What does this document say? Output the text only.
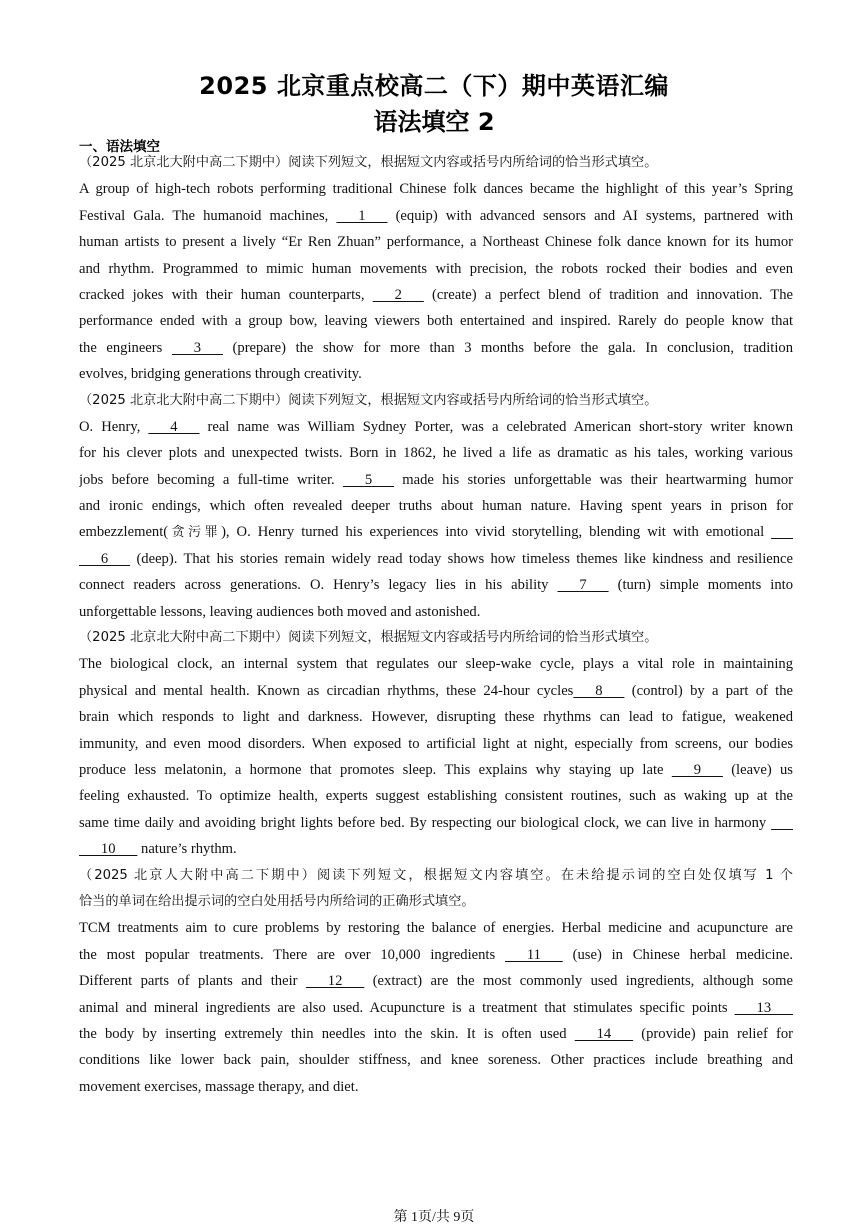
2025 北京重点校高二（下）期中英语汇编
语法填空 2
一、语法填空
（2025 北京北大附中高二下期中）阅读下列短文，根据短文内容或括号内所给词的恰当形式填空。
A group of high-tech robots performing traditional Chinese folk dances became the highlight of this year’s Spring
Festival Gala. The humanoid machines,       1       (equip) with advanced sensors and AI systems, partnered with
human artists to present a lively “Er Ren Zhuan” performance, a Northeast Chinese folk dance known for its humor
and rhythm. Programmed to mimic human movements with precision, the robots rocked their bodies and even
cracked jokes with their human counterparts,       2       (create) a perfect blend of tradition and innovation. The
performance ended with a group bow, leaving viewers both entertained and inspired. Rarely do people know that
the engineers       3       (prepare) the show for more than 3 months before the gala. In conclusion, tradition
evolves, bridging generations through creativity.
（2025 北京北大附中高二下期中）阅读下列短文，根据短文内容或括号内所给词的恰当形式填空。
O. Henry,       4       real name was William Sydney Porter, was a celebrated American short-story writer known
for his clever plots and unexpected twists. Born in 1862, he lived a life as dramatic as his tales, working various
jobs before becoming a full-time writer.       5       made his stories unforgettable was their heartwarming humor
and ironic endings, which often revealed deeper truths about human nature. Having spent years in prison for
embezzlement(贪污罪), O. Henry turned his experiences into vivid storytelling, blending wit with emotional
6       (deep). That his stories remain widely read today shows how timeless themes like kindness and resilience
connect readers across generations. O. Henry’s legacy lies in his ability       7       (turn) simple moments into
unforgettable lessons, leaving audiences both moved and astonished.
（2025 北京北大附中高二下期中）阅读下列短文，根据短文内容或括号内所给词的恰当形式填空。
The biological clock, an internal system that regulates our sleep-wake cycle, plays a vital role in maintaining
physical and mental health. Known as circadian rhythms, these 24-hour cycles      8       (control) by a part of the
brain which responds to light and darkness. However, disrupting these rhythms can lead to fatigue, weakened
immunity, and even mood disorders. When exposed to artificial light at night, especially from screens, our bodies
produce less melatonin, a hormone that promotes sleep. This explains why staying up late       9       (leave) us
feeling exhausted. To optimize health, experts suggest establishing consistent routines, such as waking up at the
same time daily and avoiding bright lights before bed. By respecting our biological clock, we can live in harmony
10       nature’s rhythm.
（2025 北京人大附中高二下期中）阅读下列短文，根据短文内容填空。在未给提示词的空白处仅填写 1 个
恰当的单词在给出提示词的空白处用括号内所给词的正确形式填空。
TCM treatments aim to cure problems by restoring the balance of energies. Herbal medicine and acupuncture are
the most popular treatments. There are over 10,000 ingredients       11       (use) in Chinese herbal medicine.
Different parts of plants and their       12       (extract) are the most commonly used ingredients, although some
animal and mineral ingredients are also used. Acupuncture is a treatment that stimulates specific points       13
the body by inserting extremely thin needles into the skin. It is often used       14       (provide) pain relief for
conditions like lower back pain, shoulder stiffness, and knee soreness. Other practices include breathing and
movement exercises, massage therapy, and diet.
第 1页/共 9页
